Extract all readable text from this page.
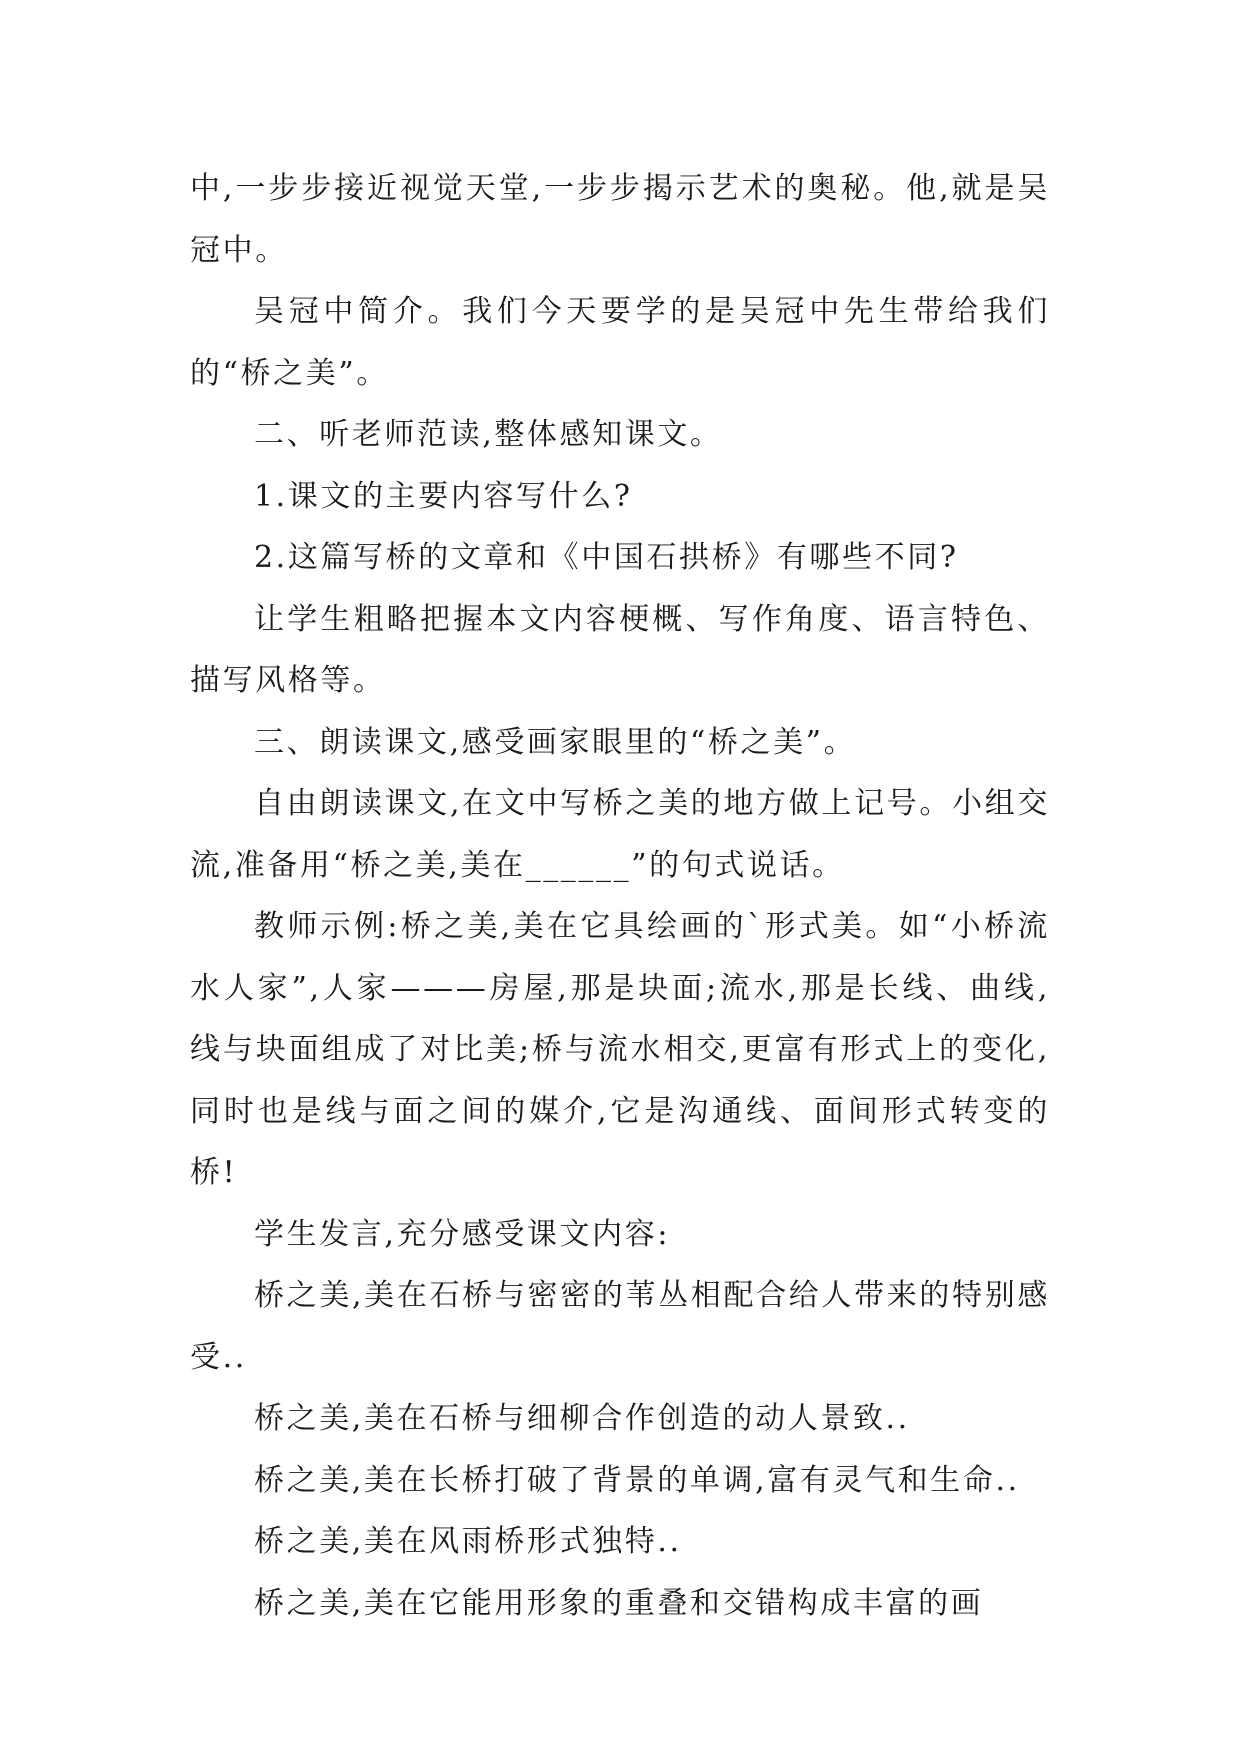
中,一步步接近视觉天堂,一步步揭示艺术的奥秘。他,就是吴冠中。

吴冠中简介。我们今天要学的是吴冠中先生带给我们的“桥之美”。

二、听老师范读,整体感知课文。

1.课文的主要内容写什么?

2.这篇写桥的文章和《中国石拱桥》有哪些不同?

让学生粗略把握本文内容梗概、写作角度、语言特色、描写风格等。

三、朗读课文,感受画家眼里的“桥之美”。

自由朗读课文,在文中写桥之美的地方做上记号。小组交流,准备用“桥之美,美在______”的句式说话。

教师示例:桥之美,美在它具绘画的`形式美。如“小桥流水人家”,人家———房屋,那是块面;流水,那是长线、曲线,线与块面组成了对比美;桥与流水相交,更富有形式上的变化,同时也是线与面之间的媒介,它是沟通线、面间形式转变的桥!

学生发言,充分感受课文内容:

桥之美,美在石桥与密密的苇丛相配合给人带来的特别感受..

桥之美,美在石桥与细柳合作创造的动人景致..

桥之美,美在长桥打破了背景的单调,富有灵气和生命..

桥之美,美在风雨桥形式独特..

桥之美,美在它能用形象的重叠和交错构成丰富的画
